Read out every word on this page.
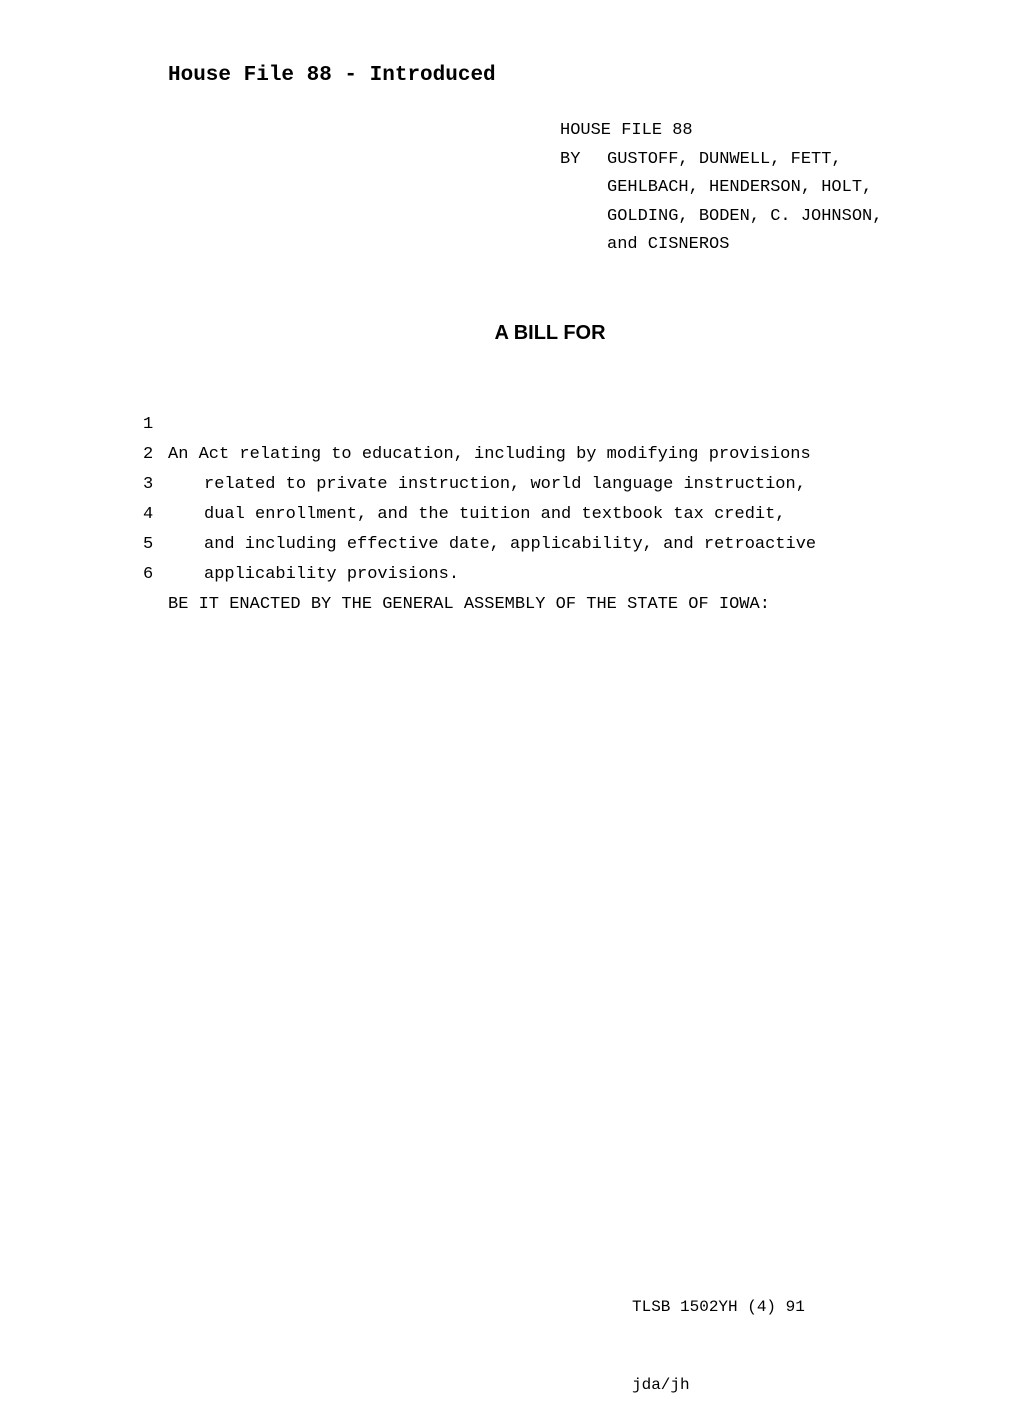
House File 88 - Introduced
HOUSE FILE 88
BY GUSTOFF, DUNWELL, FETT,
GEHLBACH, HENDERSON, HOLT,
GOLDING, BODEN, C. JOHNSON,
and CISNEROS
A BILL FOR

1

An Act relating to education, including by modifying provisions

2

related to private instruction, world language instruction,

3

dual enrollment, and the tuition and textbook tax credit,

4

and including effective date, applicability, and retroactive

5

applicability provisions.

6

BE IT ENACTED BY THE GENERAL ASSEMBLY OF THE STATE OF IOWA:

TLSB 1502YH (4) 91

jda/jh
